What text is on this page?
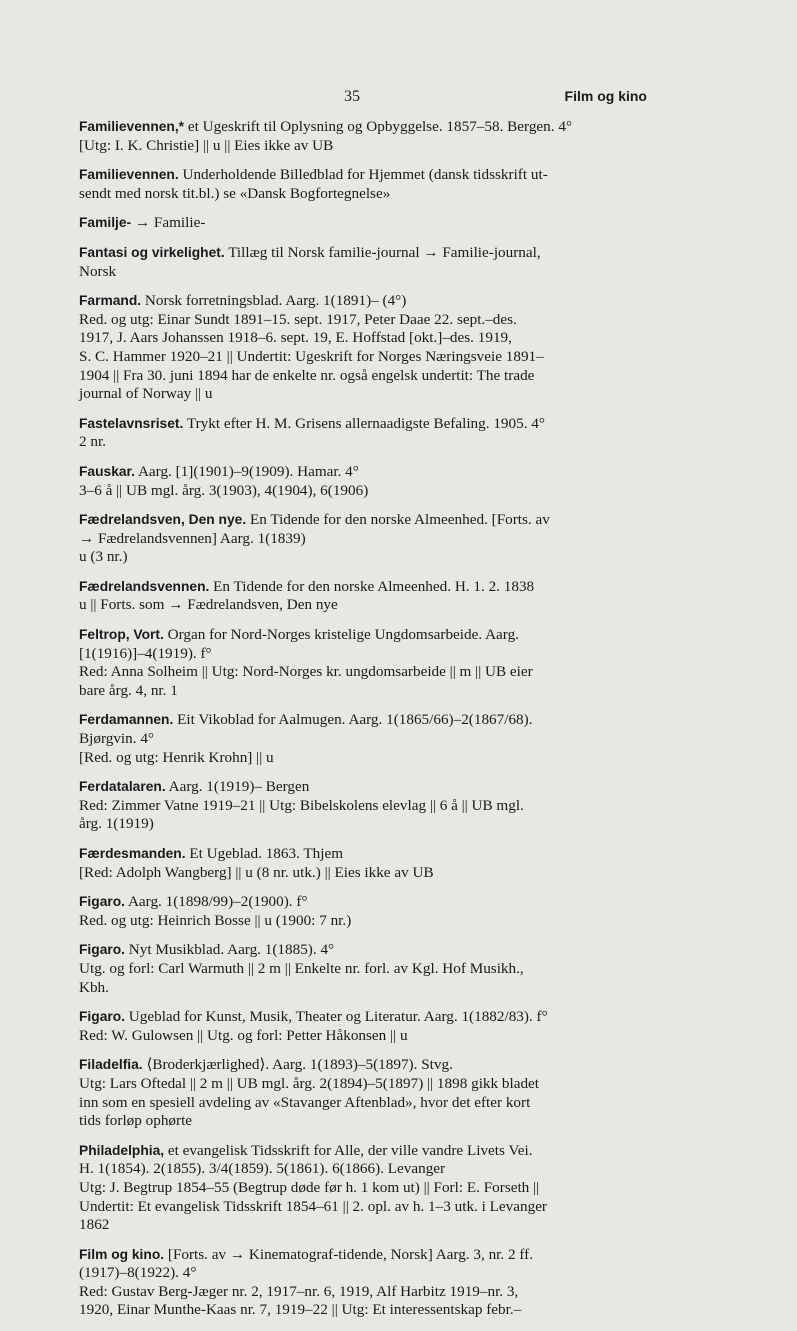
35	Film og kino
Familievennen,* et Ugeskrift til Oplysning og Opbyggelse. 1857–58. Bergen. 4°
[Utg: I. K. Christie] || u || Eies ikke av UB
Familievennen. Underholdende Billedblad for Hjemmet (dansk tidsskrift ut-
sendt med norsk tit.bl.) se «Dansk Bogfortegnelse»
Familje- → Familie-
Fantasi og virkelighet. Tillæg til Norsk familie-journal → Familie-journal,
Norsk
Farmand. Norsk forretningsblad. Aarg. 1(1891)– (4°)
Red. og utg: Einar Sundt 1891–15. sept. 1917, Peter Daae 22. sept.–des.
1917, J. Aars Johanssen 1918–6. sept. 19, E. Hoffstad [okt.]–des. 1919,
S. C. Hammer 1920–21 || Undertit: Ugeskrift for Norges Næringsveie 1891–
1904 || Fra 30. juni 1894 har de enkelte nr. også engelsk undertit: The trade
journal of Norway || u
Fastelavnsriset. Trykt efter H. M. Grisens allernaadigste Befaling. 1905. 4°
2 nr.
Fauskar. Aarg. [1](1901)–9(1909). Hamar. 4°
3–6 å || UB mgl. årg. 3(1903), 4(1904), 6(1906)
Fædrelandsven, Den nye. En Tidende for den norske Almeenhed. [Forts. av
→ Fædrelandsvennen] Aarg. 1(1839)
u (3 nr.)
Fædrelandsvennen. En Tidende for den norske Almeenhed. H. 1. 2. 1838
u || Forts. som → Fædrelandsven, Den nye
Feltrop, Vort. Organ for Nord-Norges kristelige Ungdomsarbeide. Aarg.
[1(1916)]–4(1919). f°
Red: Anna Solheim || Utg: Nord-Norges kr. ungdomsarbeide || m || UB eier
bare årg. 4, nr. 1
Ferdamannen. Eit Vikoblad for Aalmugen. Aarg. 1(1865/66)–2(1867/68).
Bjørgvin. 4°
[Red. og utg: Henrik Krohn] || u
Ferdatalaren. Aarg. 1(1919)– Bergen
Red: Zimmer Vatne 1919–21 || Utg: Bibelskolens elevlag || 6 å || UB mgl.
årg. 1(1919)
Færdesmanden. Et Ugeblad. 1863. Thjem
[Red: Adolph Wangberg] || u (8 nr. utk.) || Eies ikke av UB
Figaro. Aarg. 1(1898/99)–2(1900). f°
Red. og utg: Heinrich Bosse || u (1900: 7 nr.)
Figaro. Nyt Musikblad. Aarg. 1(1885). 4°
Utg. og forl: Carl Warmuth || 2 m || Enkelte nr. forl. av Kgl. Hof Musikh.,
Kbh.
Figaro. Ugeblad for Kunst, Musik, Theater og Literatur. Aarg. 1(1882/83). f°
Red: W. Gulowsen || Utg. og forl: Petter Håkonsen || u
Filadelfia. ⟨Broderkjærlighed⟩. Aarg. 1(1893)–5(1897). Stvg.
Utg: Lars Oftedal || 2 m || UB mgl. årg. 2(1894)–5(1897) || 1898 gikk bladet
inn som en spesiell avdeling av «Stavanger Aftenblad», hvor det efter kort
tids forløp ophørte
Philadelphia, et evangelisk Tidsskrift for Alle, der ville vandre Livets Vei.
H. 1(1854). 2(1855). 3/4(1859). 5(1861). 6(1866). Levanger
Utg: J. Begtrup 1854–55 (Begtrup døde før h. 1 kom ut) || Forl: E. Forseth ||
Undertit: Et evangelisk Tidsskrift 1854–61 || 2. opl. av h. 1–3 utk. i Levanger
1862
Film og kino. [Forts. av → Kinematograf-tidende, Norsk] Aarg. 3, nr. 2 ff.
(1917)–8(1922). 4°
Red: Gustav Berg-Jæger nr. 2, 1917–nr. 6, 1919, Alf Harbitz 1919–nr. 3,
1920, Einar Munthe-Kaas nr. 7, 1919–22 || Utg: Et interessentskap febr.–
